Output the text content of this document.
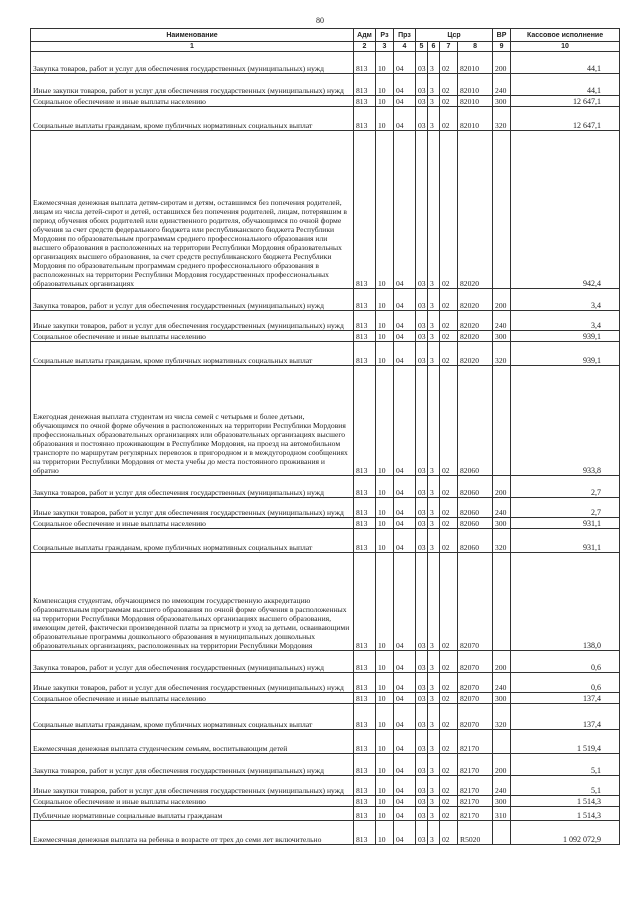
80
Наименование	Адм	Рз	Прз	Цср				ВР	Кассовое исполнение
1	2	3	4	5	6	7	8	9	10
Закупка товаров, работ и услуг для обеспечения государственных (муниципальных) нужд	813	10	04	03	3	02	82010	200	44,1
Иные закупки товаров, работ и услуг для обеспечения государственных (муниципальных) нужд	813	10	04	03	3	02	82010	240	44,1
Социальное обеспечение и иные выплаты населению	813	10	04	03	3	02	82010	300	12 647,1
Социальные выплаты гражданам, кроме публичных нормативных социальных выплат	813	10	04	03	3	02	82010	320	12 647,1
Ежемесячная денежная выплата детям-сиротам и детям, оставшимся без попечения родителей, лицам из числа детей-сирот и детей, оставшихся без попечения родителей, лицам, потерявшим в период обучения обоих родителей или единственного родителя, обучающимся по очной форме обучения за счет средств федерального бюджета или республиканского бюджета Республики Мордовия по образовательным программам среднего профессионального образования или высшего образования в расположенных на территории Республики Мордовия образовательных организациях высшего образования, за счет средств республиканского бюджета Республики Мордовия по образовательным программам среднего профессионального образования в расположенных на территории Республики Мордовия государственных профессиональных образовательных организациях	813	10	04	03	3	02	82020		942,4
Закупка товаров, работ и услуг для обеспечения государственных (муниципальных) нужд	813	10	04	03	3	02	82020	200	3,4
Иные закупки товаров, работ и услуг для обеспечения государственных (муниципальных) нужд	813	10	04	03	3	02	82020	240	3,4
Социальное обеспечение и иные выплаты населению	813	10	04	03	3	02	82020	300	939,1
Социальные выплаты гражданам, кроме публичных нормативных социальных выплат	813	10	04	03	3	02	82020	320	939,1
Ежегодная денежная выплата студентам из числа семей с четырьмя и более детьми, обучающимся по очной форме обучения в расположенных на территории Республики Мордовия профессиональных образовательных организациях или образовательных организациях высшего образования и постоянно проживающим в Республике Мордовия, на проезд на автомобильном транспорте по маршрутам регулярных перевозок в пригородном и в междугородном сообщениях на территории Республики Мордовия от места учебы до места постоянного проживания и обратно	813	10	04	03	3	02	82060		933,8
Закупка товаров, работ и услуг для обеспечения государственных (муниципальных) нужд	813	10	04	03	3	02	82060	200	2,7
Иные закупки товаров, работ и услуг для обеспечения государственных (муниципальных) нужд	813	10	04	03	3	02	82060	240	2,7
Социальное обеспечение и иные выплаты населению	813	10	04	03	3	02	82060	300	931,1
Социальные выплаты гражданам, кроме публичных нормативных социальных выплат	813	10	04	03	3	02	82060	320	931,1
Компенсация студентам, обучающимся по имеющим государственную аккредитацию образовательным программам высшего образования по очной форме обучения в расположенных на территории Республики Мордовия образовательных организациях высшего образования, имеющим детей, фактически произведенной платы за присмотр и уход за детьми, осваивающими образовательные программы дошкольного образования в муниципальных дошкольных образовательных организациях, расположенных на территории Республики Мордовия	813	10	04	03	3	02	82070		138,0
Закупка товаров, работ и услуг для обеспечения государственных (муниципальных) нужд	813	10	04	03	3	02	82070	200	0,6
Иные закупки товаров, работ и услуг для обеспечения государственных (муниципальных) нужд	813	10	04	03	3	02	82070	240	0,6
Социальное обеспечение и иные выплаты населению	813	10	04	03	3	02	82070	300	137,4
Социальные выплаты гражданам, кроме публичных нормативных социальных выплат	813	10	04	03	3	02	82070	320	137,4
Ежемесячная денежная выплата студенческим семьям, воспитывающим детей	813	10	04	03	3	02	82170		1 519,4
Закупка товаров, работ и услуг для обеспечения государственных (муниципальных) нужд	813	10	04	03	3	02	82170	200	5,1
Иные закупки товаров, работ и услуг для обеспечения государственных (муниципальных) нужд	813	10	04	03	3	02	82170	240	5,1
Социальное обеспечение и иные выплаты населению	813	10	04	03	3	02	82170	300	1 514,3
Публичные нормативные социальные выплаты гражданам	813	10	04	03	3	02	82170	310	1 514,3
Ежемесячная денежная выплата на ребенка в возрасте от трех до семи лет включительно	813	10	04	03	3	02	R5020		1 092 072,9
